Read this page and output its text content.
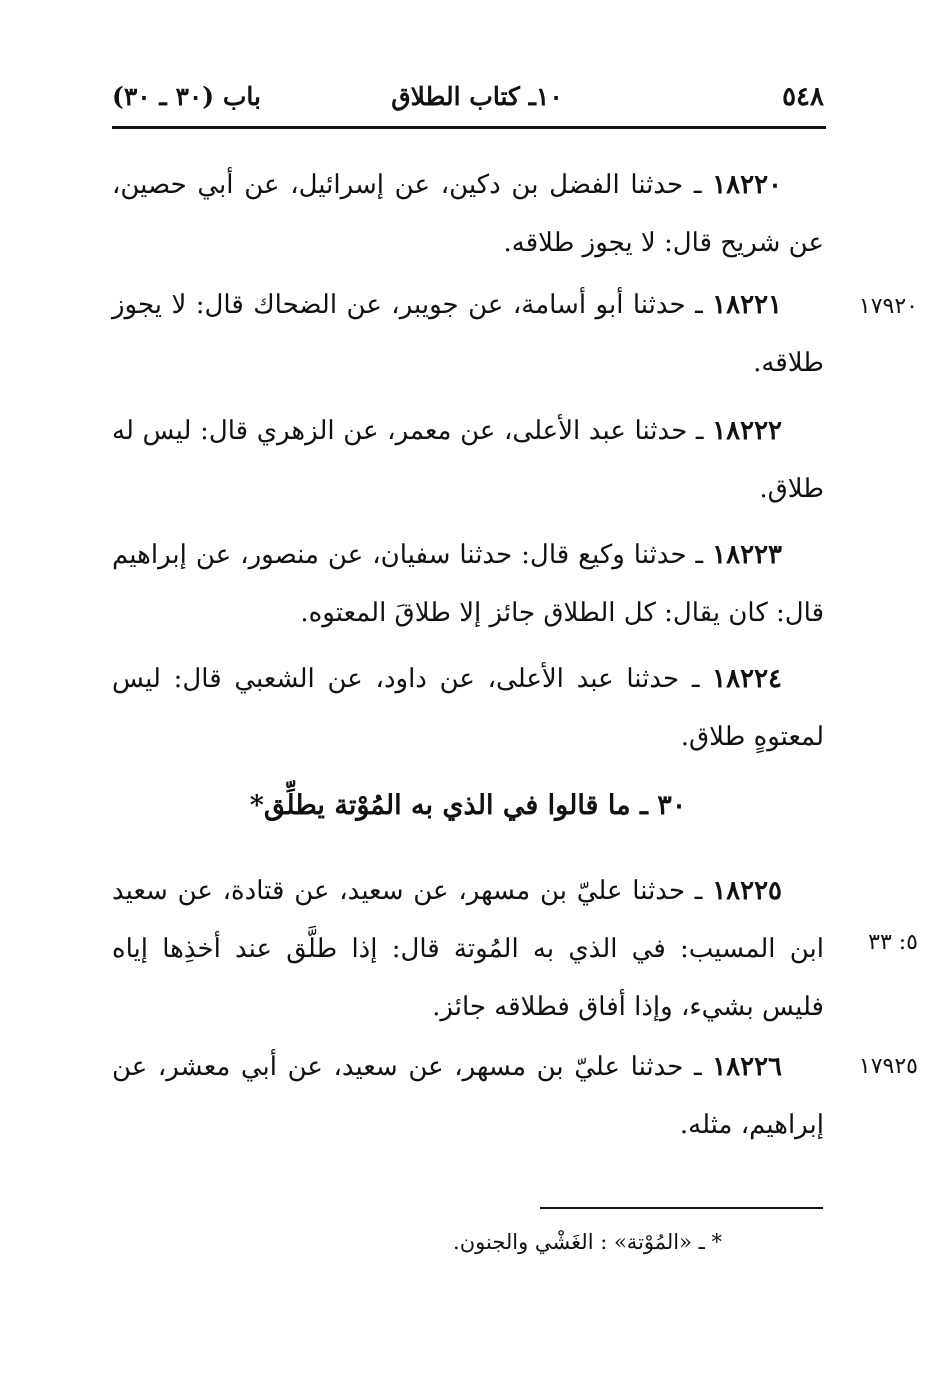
٥٤٨
١٠ـ كتاب الطلاق
باب (٣٠ ـ ٣٠)
١٨٢٢٠ ـ حدثنا الفضل بن دكين، عن إسرائيل، عن أبي حصين، عن شريح قال: لا يجوز طلاقه.
١٧٩٢٠
١٨٢٢١ ـ حدثنا أبو أسامة، عن جويبر، عن الضحاك قال: لا يجوز طلاقه.
١٨٢٢٢ ـ حدثنا عبد الأعلى، عن معمر، عن الزهري قال: ليس له طلاق.
١٨٢٢٣ ـ حدثنا وكيع قال: حدثنا سفيان، عن منصور، عن إبراهيم قال: كان يقال: كل الطلاق جائز إلا طلاقَ المعتوه.
١٨٢٢٤ ـ حدثنا عبد الأعلى، عن داود، عن الشعبي قال: ليس لمعتوهٍ طلاق.
٣٠ ـ ما قالوا في الذي به المُوْتة يطلِّق*
٥: ٣٣
١٨٢٢٥ ـ حدثنا عليّ بن مسهر، عن سعيد، عن قتادة، عن سعيد ابن المسيب: في الذي به المُوتة قال: إذا طلَّق عند أخذِها إياه فليس بشيء، وإذا أفاق فطلاقه جائز.
١٧٩٢٥
١٨٢٢٦ ـ حدثنا عليّ بن مسهر، عن سعيد، عن أبي معشر، عن إبراهيم، مثله.
* ـ «المُوْتة» : الغَشْي والجنون.
